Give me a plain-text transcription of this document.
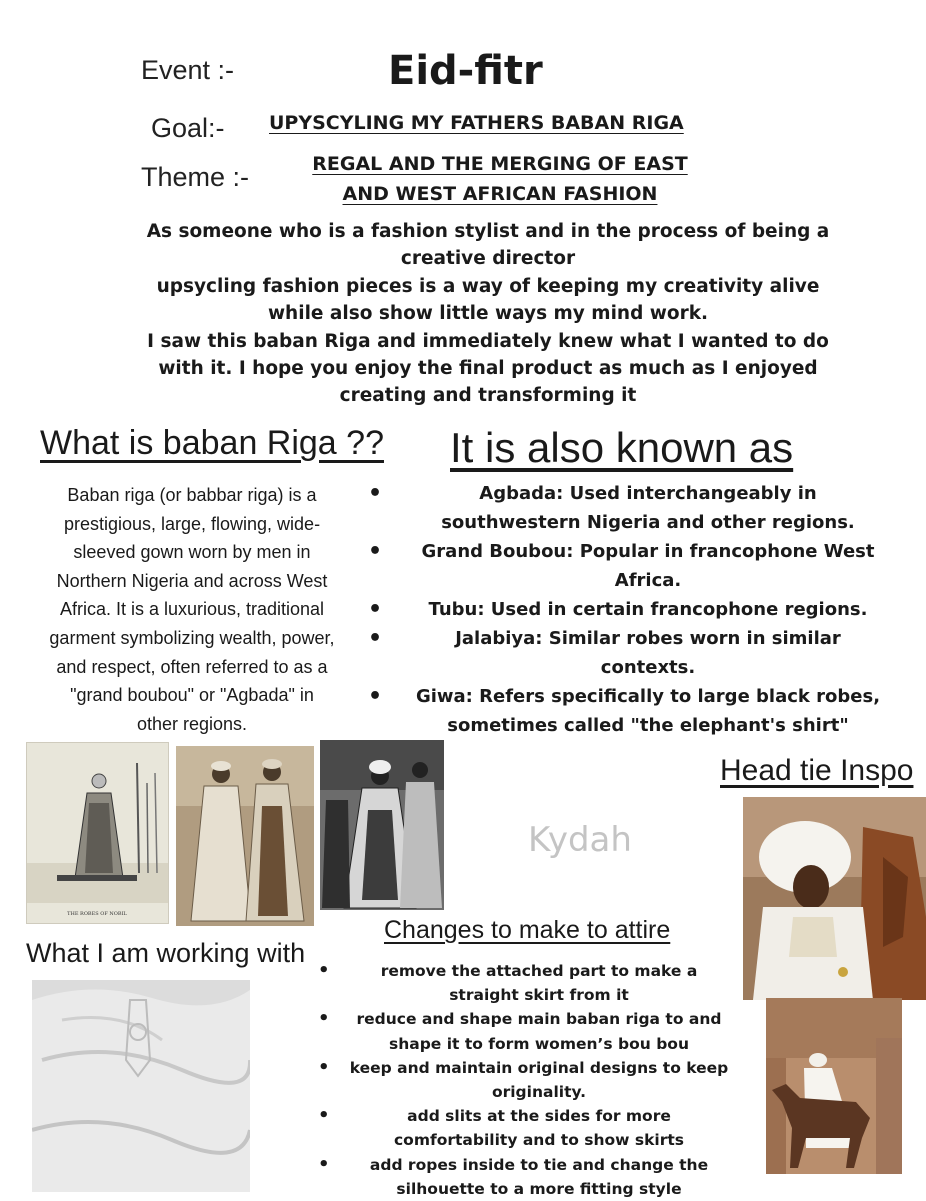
Event :-	Eid-fitr
Goal:- UPYSCYLING MY FATHERS BABAN RIGA
Theme :-	REGAL AND THE MERGING OF EAST
AND WEST AFRICAN FASHION
As someone who is a fashion stylist and in the process of being a
creative director
upsycling fashion pieces is a way of keeping my creativity alive
while also show little ways my mind work.
I saw this baban Riga and immediately knew what I wanted to do
with it. I hope you enjoy the final product as much as I enjoyed
creating and transforming it
What is baban Riga ??
Baban riga (or babbar riga) is a
prestigious, large, flowing, wide-
sleeved gown worn by men in
Northern Nigeria and across West
Africa. It is a luxurious, traditional
garment symbolizing wealth, power,
and respect, often referred to as a
"grand boubou" or "Agbada" in
other regions.
It is also known as
• Agbada: Used interchangeably in
southwestern Nigeria and other regions.
• Grand Boubou: Popular in francophone West
Africa.
• Tubu: Used in certain francophone regions.
• Jalabiya: Similar robes worn in similar
contexts.
• Giwa: Refers specifically to large black robes,
sometimes called "the elephant's shirt"
THE ROBES OF NOBIL
Kydah
Head tie Inspo
What I am working with
Changes to make to attire
• remove the attached part to make a
straight skirt from it
• reduce and shape main baban riga to and
shape it to form women’s bou bou
• keep and maintain original designs to keep
originality.
• add slits at the sides for more
comfortability and to show skirts
• add ropes inside to tie and change the
silhouette to a more fitting style
